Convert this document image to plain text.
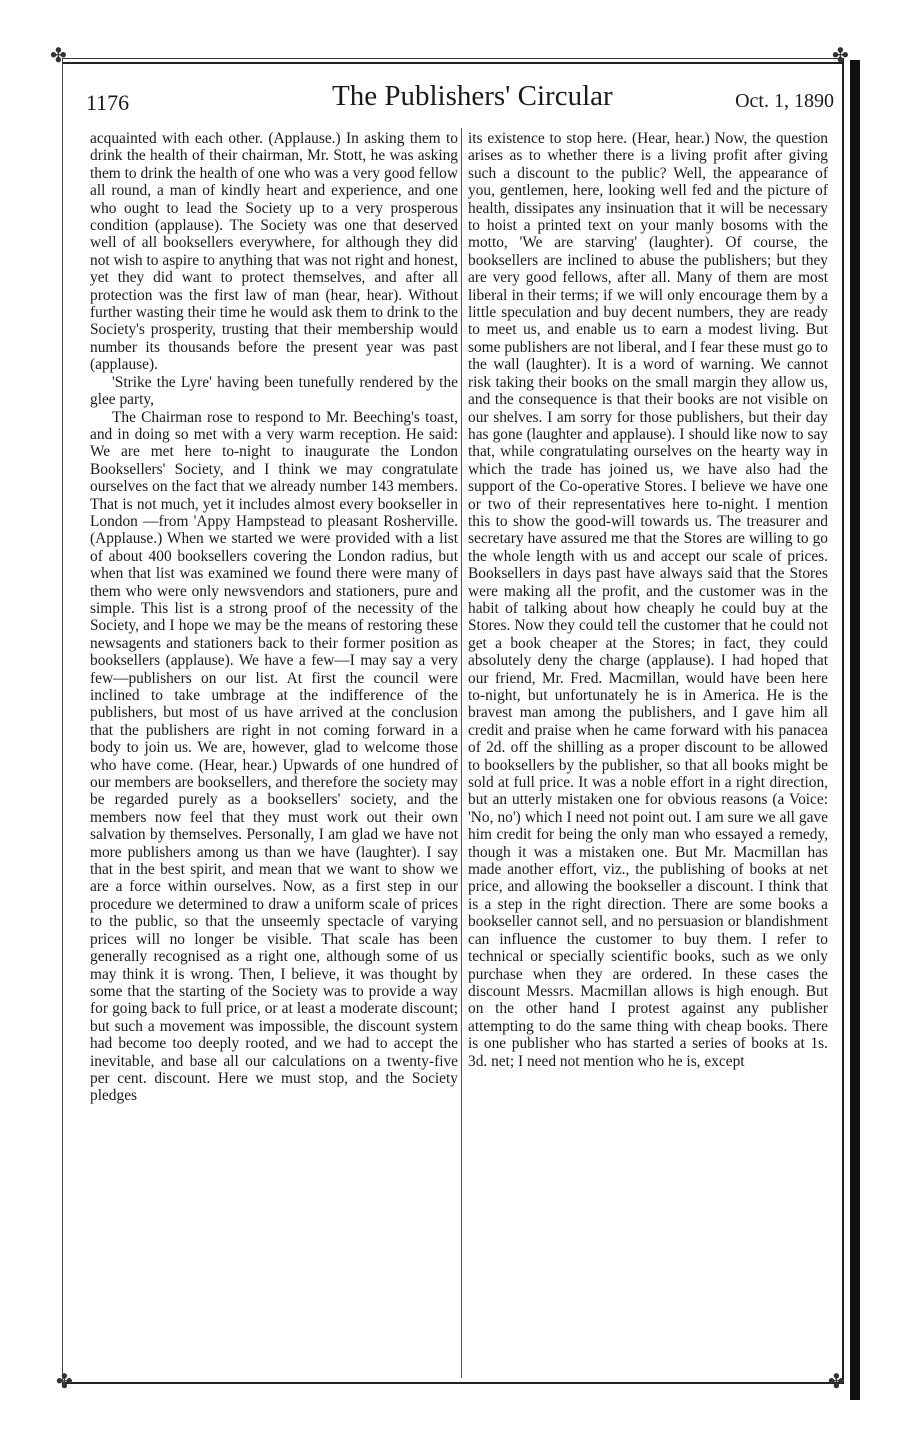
✤	✤
✤	✤
1176	The Publishers' Circular	Oct. 1, 1890

acquainted with each other. (Applause.) In asking them to drink the health of their chairman, Mr. Stott, he was asking them to drink the health of one who was a very good fellow all round, a man of kindly heart and experience, and one who ought to lead the Society up to a very prosperous condition (applause). The Society was one that deserved well of all booksellers everywhere, for although they did not wish to aspire to anything that was not right and honest, yet they did want to protect themselves, and after all protection was the first law of man (hear, hear). Without further wasting their time he would ask them to drink to the Society's prosperity, trusting that their membership would number its thousands before the present year was past (applause).

'Strike the Lyre' having been tunefully rendered by the glee party,

The Chairman rose to respond to Mr. Beeching's toast, and in doing so met with a very warm reception. He said: We are met here to-night to inaugurate the London Booksellers' Society, and I think we may congratulate ourselves on the fact that we already number 143 members. That is not much, yet it includes almost every bookseller in London —from 'Appy Hampstead to pleasant Rosherville. (Applause.) When we started we were provided with a list of about 400 booksellers covering the London radius, but when that list was examined we found there were many of them who were only newsvendors and stationers, pure and simple. This list is a strong proof of the necessity of the Society, and I hope we may be the means of restoring these newsagents and stationers back to their former position as booksellers (applause). We have a few—I may say a very few—publishers on our list. At first the council were inclined to take umbrage at the indifference of the publishers, but most of us have arrived at the conclusion that the publishers are right in not coming forward in a body to join us. We are, however, glad to welcome those who have come. (Hear, hear.) Upwards of one hundred of our members are booksellers, and therefore the society may be regarded purely as a booksellers' society, and the members now feel that they must work out their own salvation by themselves. Personally, I am glad we have not more publishers among us than we have (laughter). I say that in the best spirit, and mean that we want to show we are a force within ourselves. Now, as a first step in our procedure we determined to draw a uniform scale of prices to the public, so that the unseemly spectacle of varying prices will no longer be visible. That scale has been generally recognised as a right one, although some of us may think it is wrong. Then, I believe, it was thought by some that the starting of the Society was to provide a way for going back to full price, or at least a moderate discount; but such a movement was impossible, the discount system had become too deeply rooted, and we had to accept the inevitable, and base all our calculations on a twenty-five per cent. discount. Here we must stop, and the Society pledges

its existence to stop here. (Hear, hear.) Now, the question arises as to whether there is a living profit after giving such a discount to the public? Well, the appearance of you, gentlemen, here, looking well fed and the picture of health, dissipates any insinuation that it will be necessary to hoist a printed text on your manly bosoms with the motto, 'We are starving' (laughter). Of course, the booksellers are inclined to abuse the publishers; but they are very good fellows, after all. Many of them are most liberal in their terms; if we will only encourage them by a little speculation and buy decent numbers, they are ready to meet us, and enable us to earn a modest living. But some publishers are not liberal, and I fear these must go to the wall (laughter). It is a word of warning. We cannot risk taking their books on the small margin they allow us, and the consequence is that their books are not visible on our shelves. I am sorry for those publishers, but their day has gone (laughter and applause). I should like now to say that, while congratulating ourselves on the hearty way in which the trade has joined us, we have also had the support of the Co-operative Stores. I believe we have one or two of their representatives here to-night. I mention this to show the good-will towards us. The treasurer and secretary have assured me that the Stores are willing to go the whole length with us and accept our scale of prices. Booksellers in days past have always said that the Stores were making all the profit, and the customer was in the habit of talking about how cheaply he could buy at the Stores. Now they could tell the customer that he could not get a book cheaper at the Stores; in fact, they could absolutely deny the charge (applause). I had hoped that our friend, Mr. Fred. Macmillan, would have been here to-night, but unfortunately he is in America. He is the bravest man among the publishers, and I gave him all credit and praise when he came forward with his panacea of 2d. off the shilling as a proper discount to be allowed to booksellers by the publisher, so that all books might be sold at full price. It was a noble effort in a right direction, but an utterly mistaken one for obvious reasons (a Voice: 'No, no') which I need not point out. I am sure we all gave him credit for being the only man who essayed a remedy, though it was a mistaken one. But Mr. Macmillan has made another effort, viz., the publishing of books at net price, and allowing the bookseller a discount. I think that is a step in the right direction. There are some books a bookseller cannot sell, and no persuasion or blandishment can influence the customer to buy them. I refer to technical or specially scientific books, such as we only purchase when they are ordered. In these cases the discount Messrs. Macmillan allows is high enough. But on the other hand I protest against any publisher attempting to do the same thing with cheap books. There is one publisher who has started a series of books at 1s. 3d. net; I need not mention who he is, except
